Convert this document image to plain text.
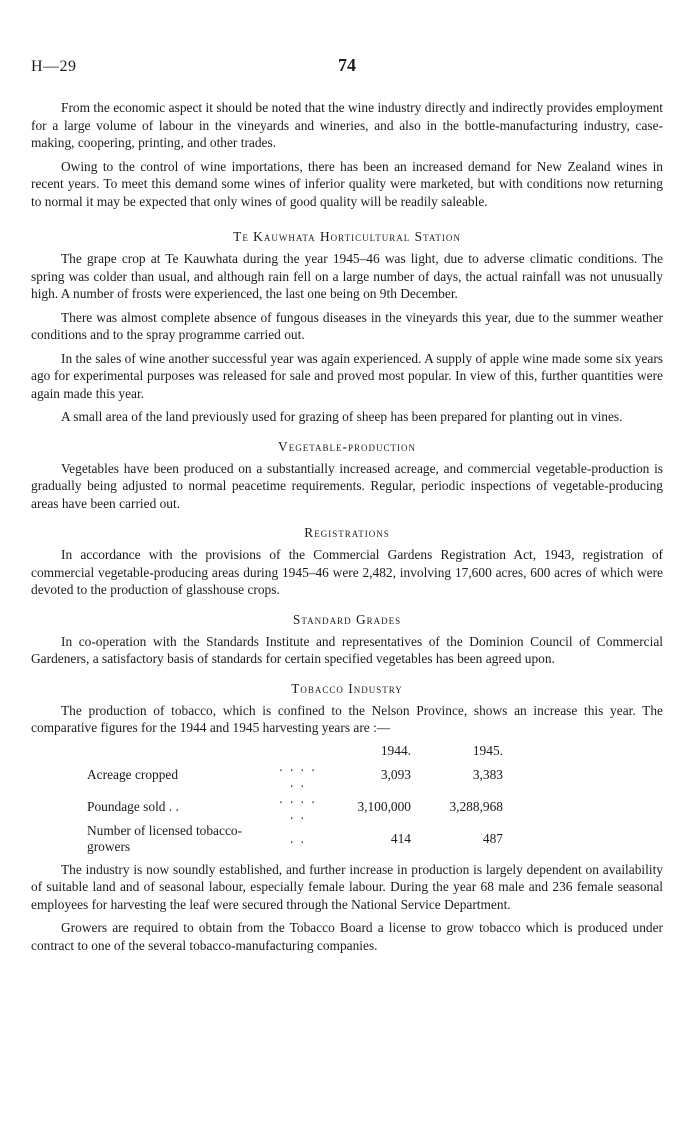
H—29	74

From the economic aspect it should be noted that the wine industry directly and indirectly provides employment for a large volume of labour in the vineyards and wineries, and also in the bottle-manufacturing industry, case-making, coopering, printing, and other trades.

Owing to the control of wine importations, there has been an increased demand for New Zealand wines in recent years. To meet this demand some wines of inferior quality were marketed, but with conditions now returning to normal it may be expected that only wines of good quality will be readily saleable.

Te Kauwhata Horticultural Station

The grape crop at Te Kauwhata during the year 1945–46 was light, due to adverse climatic conditions. The spring was colder than usual, and although rain fell on a large number of days, the actual rainfall was not unusually high. A number of frosts were experienced, the last one being on 9th December.

There was almost complete absence of fungous diseases in the vineyards this year, due to the summer weather conditions and to the spray programme carried out.

In the sales of wine another successful year was again experienced. A supply of apple wine made some six years ago for experimental purposes was released for sale and proved most popular. In view of this, further quantities were again made this year.

A small area of the land previously used for grazing of sheep has been prepared for planting out in vines.

Vegetable-production

Vegetables have been produced on a substantially increased acreage, and commercial vegetable-production is gradually being adjusted to normal peacetime requirements. Regular, periodic inspections of vegetable-producing areas have been carried out.

Registrations

In accordance with the provisions of the Commercial Gardens Registration Act, 1943, registration of commercial vegetable-producing areas during 1945–46 were 2,482, involving 17,600 acres, 600 acres of which were devoted to the production of glasshouse crops.

Standard Grades

In co-operation with the Standards Institute and representatives of the Dominion Council of Commercial Gardeners, a satisfactory basis of standards for certain specified vegetables has been agreed upon.

Tobacco Industry

The production of tobacco, which is confined to the Nelson Province, shows an increase this year. The comparative figures for the 1944 and 1945 harvesting years are :—

		1944.	1945.
Acreage cropped	. . . . . .	3,093	3,383
Poundage sold . .	. . . . . .	3,100,000	3,288,968
Number of licensed tobacco-growers	. .	414	487

The industry is now soundly established, and further increase in production is largely dependent on availability of suitable land and of seasonal labour, especially female labour. During the year 68 male and 236 female seasonal employees for harvesting the leaf were secured through the National Service Department.

Growers are required to obtain from the Tobacco Board a license to grow tobacco which is produced under contract to one of the several tobacco-manufacturing companies.
